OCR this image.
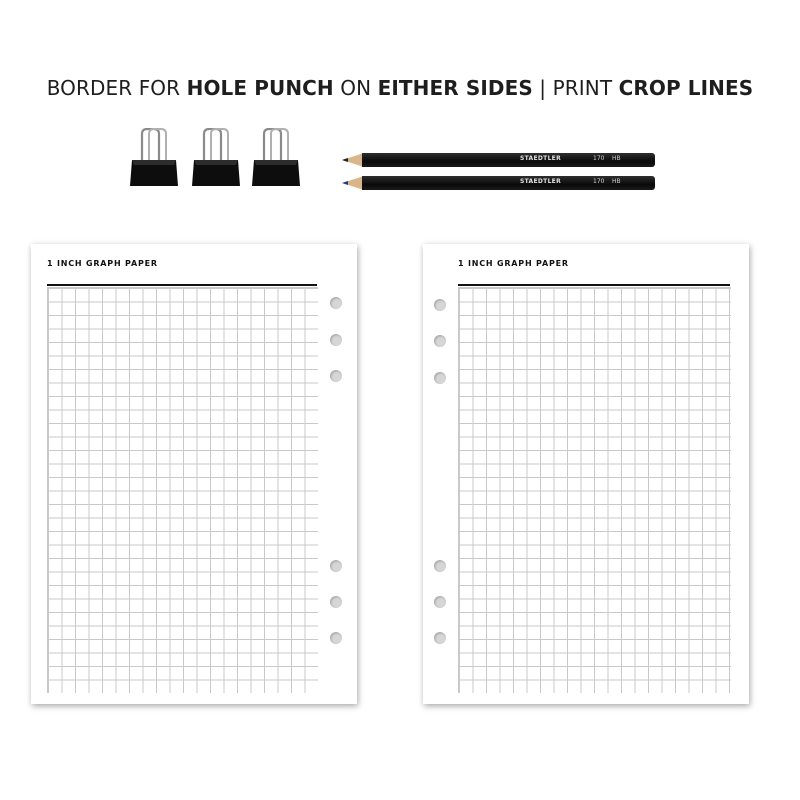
BORDER FOR HOLE PUNCH ON EITHER SIDES | PRINT CROP LINES
STAEDTLER	170 HB
STAEDTLER	170 HB
1 INCH GRAPH PAPER	1 INCH GRAPH PAPER
